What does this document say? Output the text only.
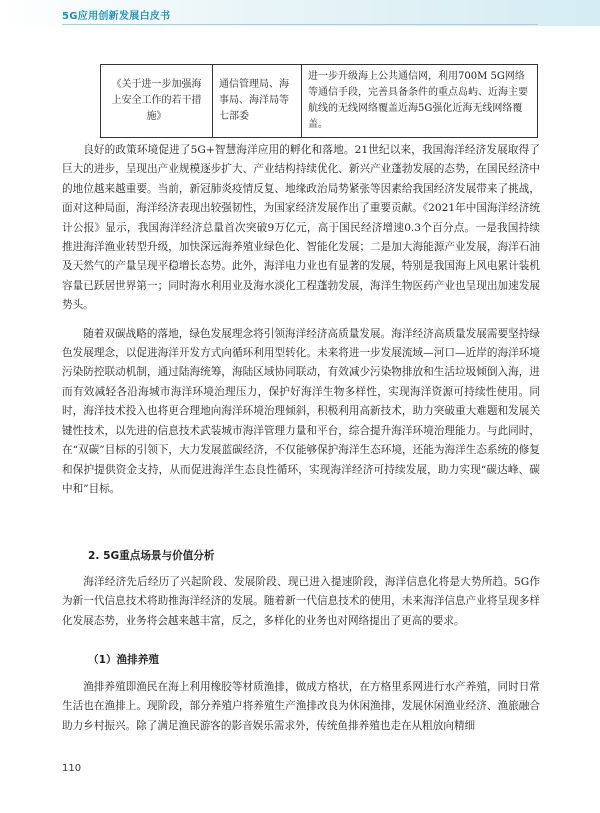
5G应用创新发展白皮书
《关于进一步加强海上安全工作的若干措施》	通信管理局、海事局、海洋局等七部委	进一步升级海上公共通信网，利用700M 5G网络等通信手段，完善具备条件的重点岛屿、近海主要航线的无线网络覆盖近海5G强化近海无线网络覆盖。

良好的政策环境促进了5G+智慧海洋应用的孵化和落地。21世纪以来，我国海洋经济发展取得了巨大的进步，呈现出产业规模逐步扩大、产业结构持续优化、新兴产业蓬勃发展的态势，在国民经济中的地位越来越重要。当前，新冠肺炎疫情反复、地缘政治局势紧张等因素给我国经济发展带来了挑战，面对这种局面，海洋经济表现出较强韧性，为国家经济发展作出了重要贡献。《2021年中国海洋经济统计公报》显示，我国海洋经济总量首次突破9万亿元，高于国民经济增速0.3个百分点。一是我国持续推进海洋渔业转型升级，加快深远海养殖业绿色化、智能化发展；二是加大海能源产业发展，海洋石油及天然气的产量呈现平稳增长态势。此外，海洋电力业也有显著的发展，特别是我国海上风电累计装机容量已跃居世界第一；同时海水利用业及海水淡化工程蓬勃发展，海洋生物医药产业也呈现出加速发展势头。

随着双碳战略的落地，绿色发展理念将引领海洋经济高质量发展。海洋经济高质量发展需要坚持绿色发展理念，以促进海洋开发方式向循环利用型转化。未来将进一步发展流域—河口—近岸的海洋环境污染防控联动机制，通过陆海统筹，海陆区域协同联动，有效减少污染物排放和生活垃圾倾倒入海，进而有效减轻各沿海城市海洋环境治理压力，保护好海洋生物多样性，实现海洋资源可持续性使用。同时，海洋技术投入也将更合理地向海洋环境治理倾斜，积极利用高新技术，助力突破重大难题和发展关键性技术，以先进的信息技术武装城市海洋管理力量和平台，综合提升海洋环境治理能力。与此同时，在“双碳”目标的引领下，大力发展蓝碳经济，不仅能够保护海洋生态环境，还能为海洋生态系统的修复和保护提供资金支持，从而促进海洋生态良性循环，实现海洋经济可持续发展，助力实现“碳达峰、碳中和”目标。

2. 5G重点场景与价值分析

海洋经济先后经历了兴起阶段、发展阶段、现已进入提速阶段，海洋信息化将是大势所趋。5G作为新一代信息技术将助推海洋经济的发展。随着新一代信息技术的使用，未来海洋信息产业将呈现多样化发展态势，业务将会越来越丰富，反之，多样化的业务也对网络提出了更高的要求。

（1）渔排养殖

渔排养殖即渔民在海上利用橡胶等材质渔排，做成方格状，在方格里系网进行水产养殖，同时日常生活也在渔排上。现阶段，部分养殖户将养殖生产渔排改良为休闲渔排，发展休闲渔业经济、渔旅融合助力乡村振兴。除了满足渔民游客的影音娱乐需求外，传统鱼排养殖也走在从粗放向精细

110
